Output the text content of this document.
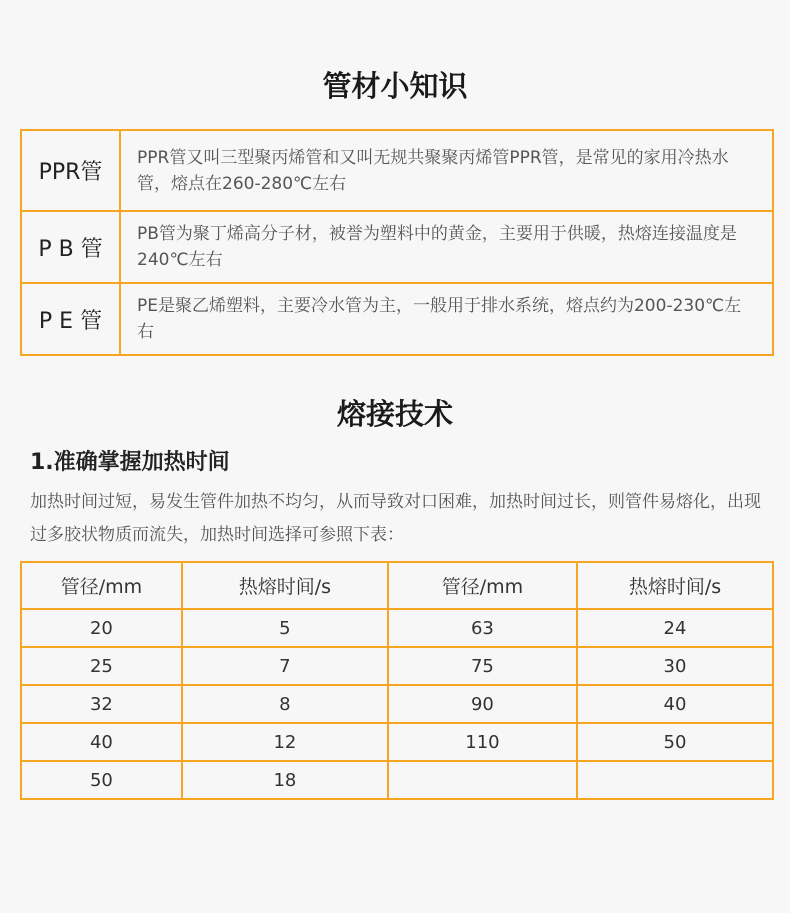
管材小知识
PPR管	PPR管又叫三型聚丙烯管和又叫无规共聚聚丙烯管PPR管，是常见的家用冷热水管，熔点在260-280℃左右
P B 管	PB管为聚丁烯高分子材，被誉为塑料中的黄金，主要用于供暖，热熔连接温度是240℃左右
P E 管	PE是聚乙烯塑料，主要冷水管为主，一般用于排水系统，熔点约为200-230℃左右
熔接技术
1.准确掌握加热时间
加热时间过短，易发生管件加热不均匀，从而导致对口困难，加热时间过长，则管件易熔化，出现过多胶状物质而流失，加热时间选择可参照下表：
管径/mm	热熔时间/s	管径/mm	热熔时间/s
20	5	63	24
25	7	75	30
32	8	90	40
40	12	110	50
50	18		
